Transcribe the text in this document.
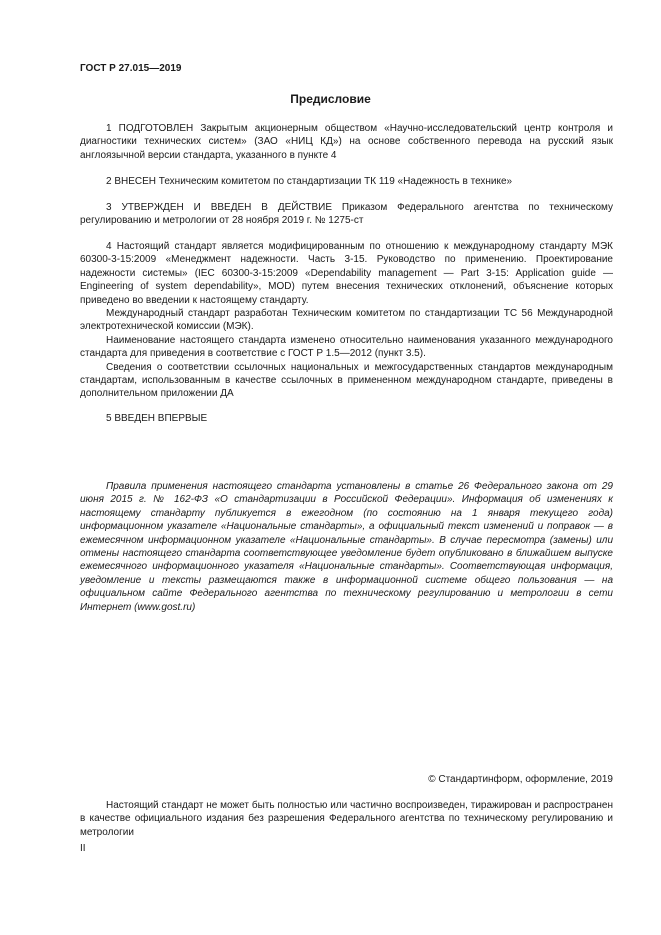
ГОСТ Р 27.015—2019
Предисловие

1 ПОДГОТОВЛЕН Закрытым акционерным обществом «Научно-исследовательский центр контроля и диагностики технических систем» (ЗАО «НИЦ КД») на основе собственного перевода на русский язык англоязычной версии стандарта, указанного в пункте 4

2 ВНЕСЕН Техническим комитетом по стандартизации ТК 119 «Надежность в технике»

3 УТВЕРЖДЕН И ВВЕДЕН В ДЕЙСТВИЕ Приказом Федерального агентства по техническому регулированию и метрологии от 28 ноября 2019 г. № 1275-ст

4 Настоящий стандарт является модифицированным по отношению к международному стандарту МЭК 60300-3-15:2009 «Менеджмент надежности. Часть 3-15. Руководство по применению. Проектирование надежности системы» (IEC 60300-3-15:2009 «Dependability management — Part 3-15: Application guide — Engineering of system dependability», MOD) путем внесения технических отклонений, объяснение которых приведено во введении к настоящему стандарту.

Международный стандарт разработан Техническим комитетом по стандартизации ТС 56 Международной электротехнической комиссии (МЭК).

Наименование настоящего стандарта изменено относительно наименования указанного международного стандарта для приведения в соответствие с ГОСТ Р 1.5—2012 (пункт 3.5).

Сведения о соответствии ссылочных национальных и межгосударственных стандартов международным стандартам, использованным в качестве ссылочных в примененном международном стандарте, приведены в дополнительном приложении ДА

5 ВВЕДЕН ВПЕРВЫЕ

Правила применения настоящего стандарта установлены в статье 26 Федерального закона от 29 июня 2015 г. № 162-ФЗ «О стандартизации в Российской Федерации». Информация об изменениях к настоящему стандарту публикуется в ежегодном (по состоянию на 1 января текущего года) информационном указателе «Национальные стандарты», а официальный текст изменений и поправок — в ежемесячном информационном указателе «Национальные стандарты». В случае пересмотра (замены) или отмены настоящего стандарта соответствующее уведомление будет опубликовано в ближайшем выпуске ежемесячного информационного указателя «Национальные стандарты». Соответствующая информация, уведомление и тексты размещаются также в информационной системе общего пользования — на официальном сайте Федерального агентства по техническому регулированию и метрологии в сети Интернет (www.gost.ru)

© Стандартинформ, оформление, 2019

Настоящий стандарт не может быть полностью или частично воспроизведен, тиражирован и распространен в качестве официального издания без разрешения Федерального агентства по техническому регулированию и метрологии

II
